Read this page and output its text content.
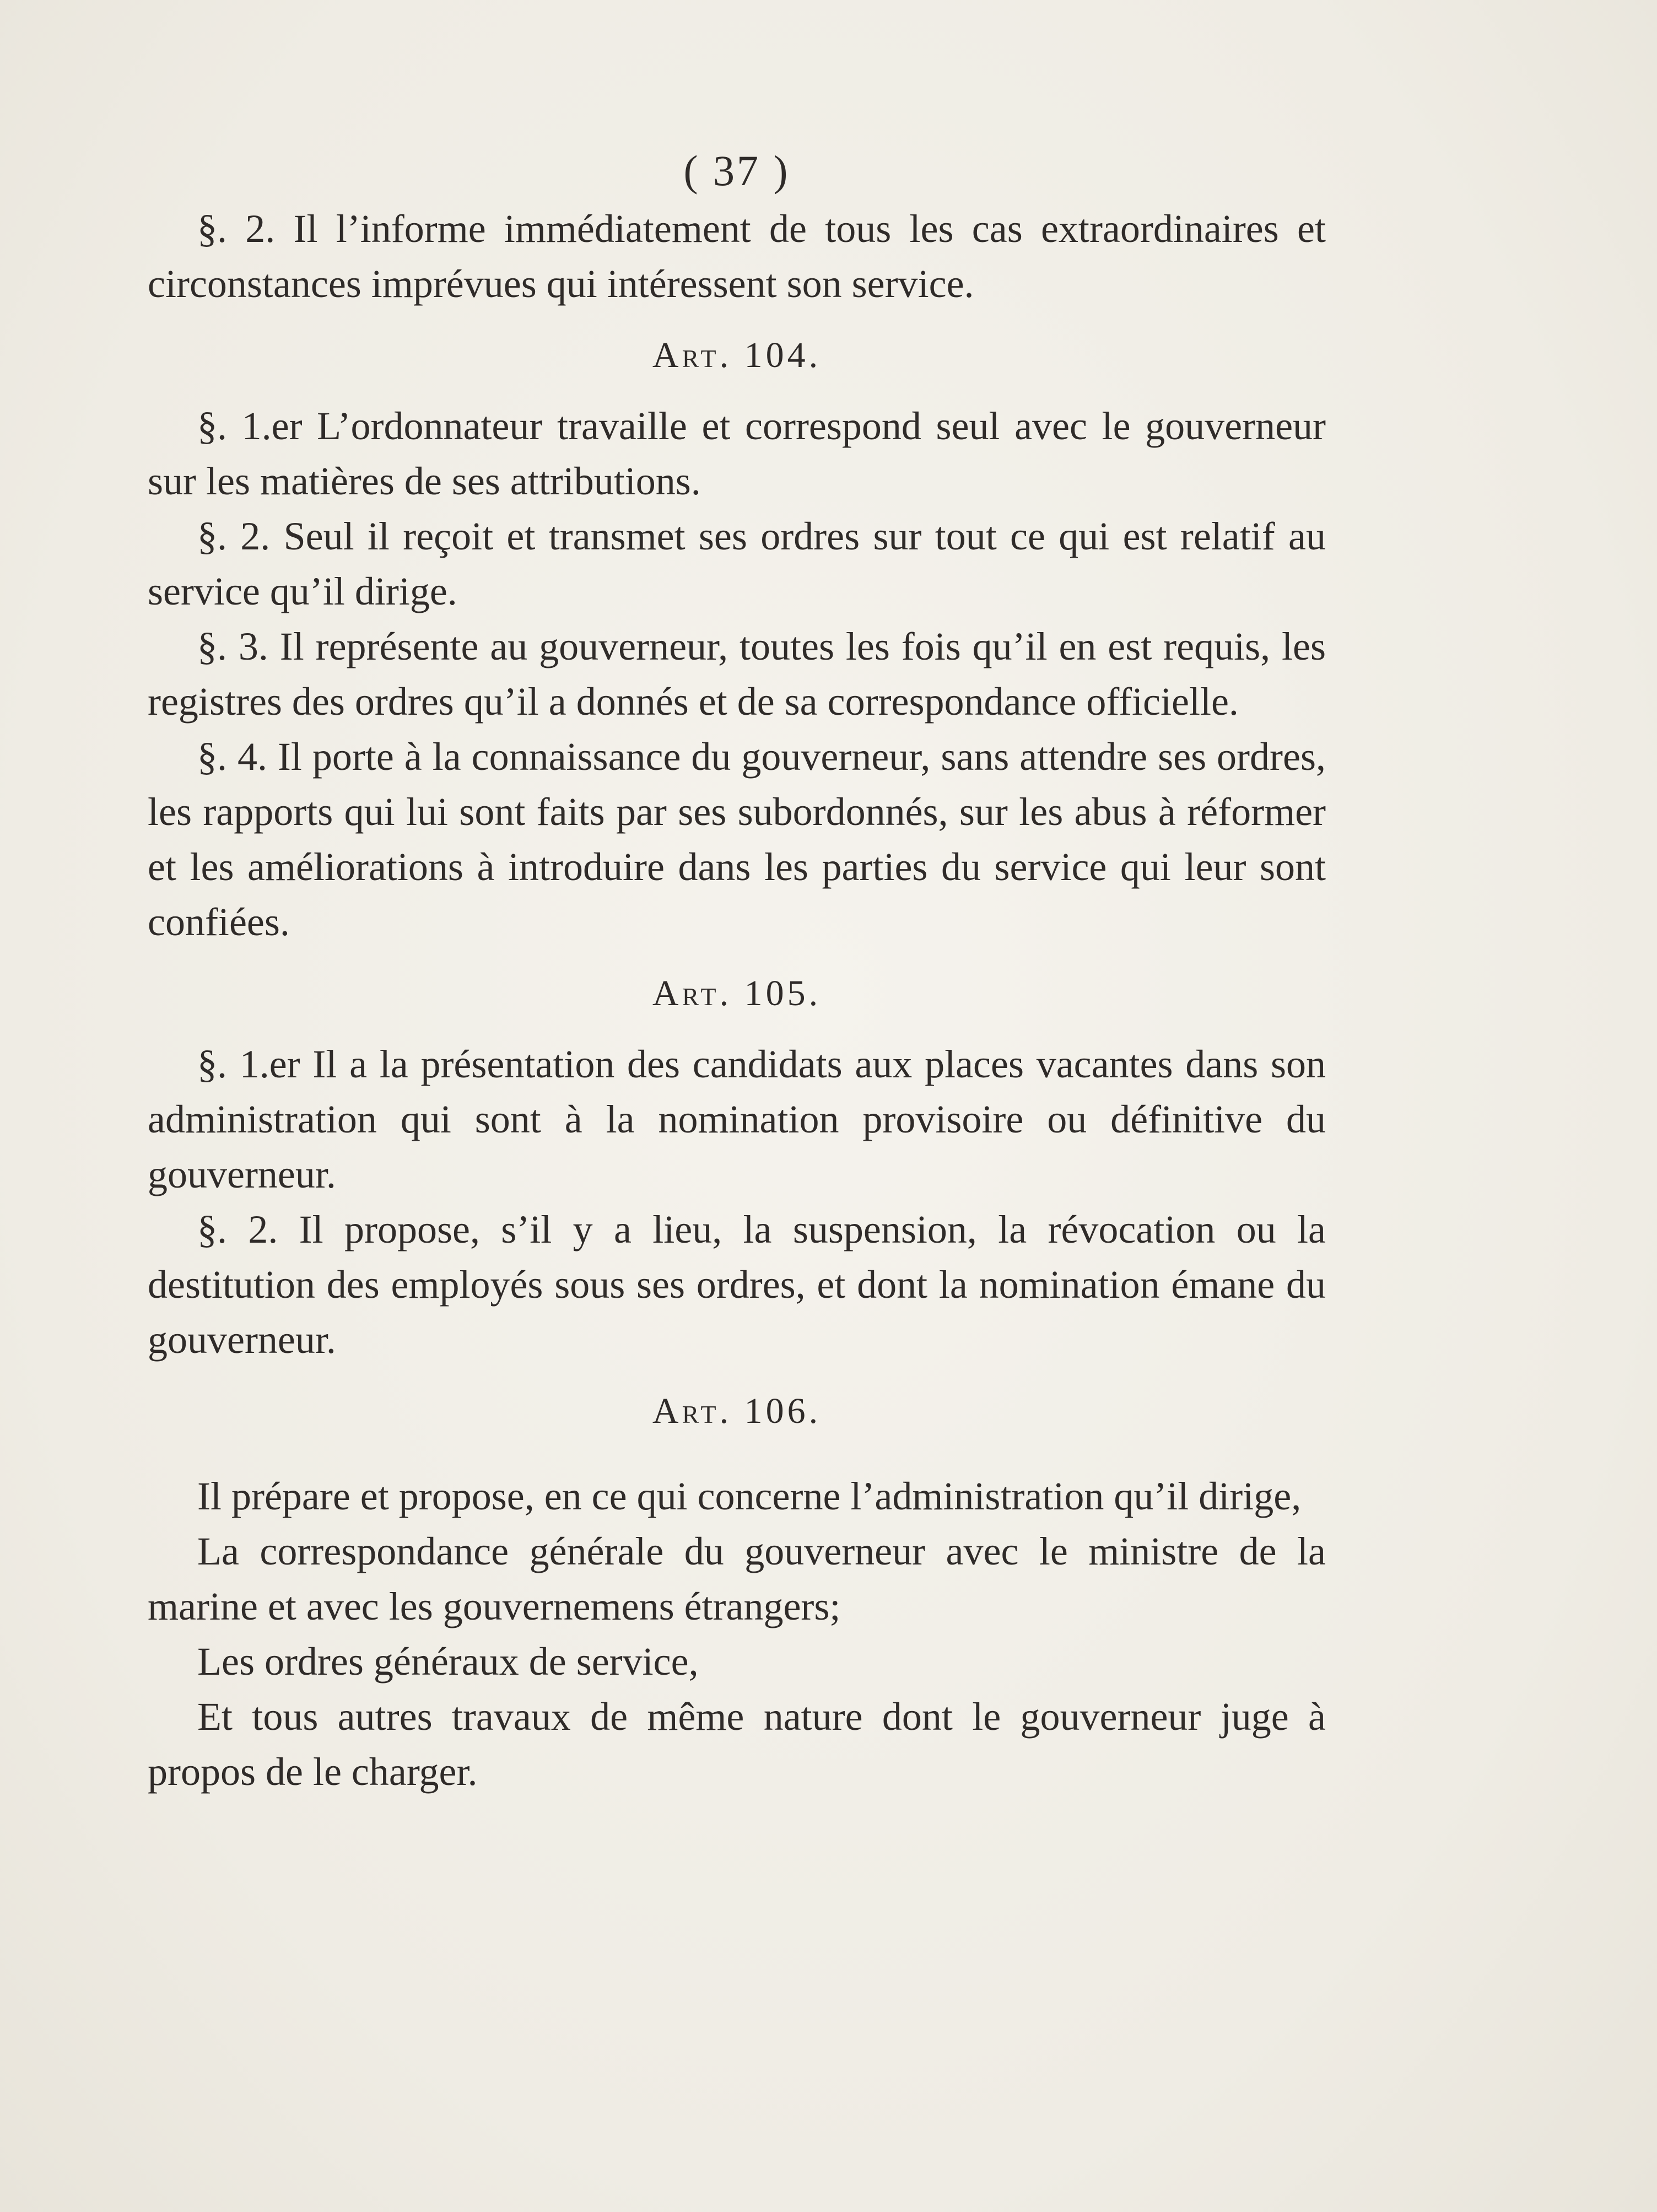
( 37 )

§. 2. Il l’informe immédiatement de tous les cas extraordinaires et circonstances imprévues qui intéressent son service.

Art. 104.

§. 1.er L’ordonnateur travaille et correspond seul avec le gouverneur sur les matières de ses attributions.

§. 2. Seul il reçoit et transmet ses ordres sur tout ce qui est relatif au service qu’il dirige.

§. 3. Il représente au gouverneur, toutes les fois qu’il en est requis, les registres des ordres qu’il a donnés et de sa correspondance officielle.

§. 4. Il porte à la connaissance du gouverneur, sans attendre ses ordres, les rapports qui lui sont faits par ses subordonnés, sur les abus à réformer et les améliorations à introduire dans les parties du service qui leur sont confiées.

Art. 105.

§. 1.er Il a la présentation des candidats aux places vacantes dans son administration qui sont à la nomination provisoire ou définitive du gouverneur.

§. 2. Il propose, s’il y a lieu, la suspension, la révocation ou la destitution des employés sous ses ordres, et dont la nomination émane du gouverneur.

Art. 106.

Il prépare et propose, en ce qui concerne l’administration qu’il dirige,

La correspondance générale du gouverneur avec le ministre de la marine et avec les gouvernemens étrangers;

Les ordres généraux de service,

Et tous autres travaux de même nature dont le gouverneur juge à propos de le charger.
